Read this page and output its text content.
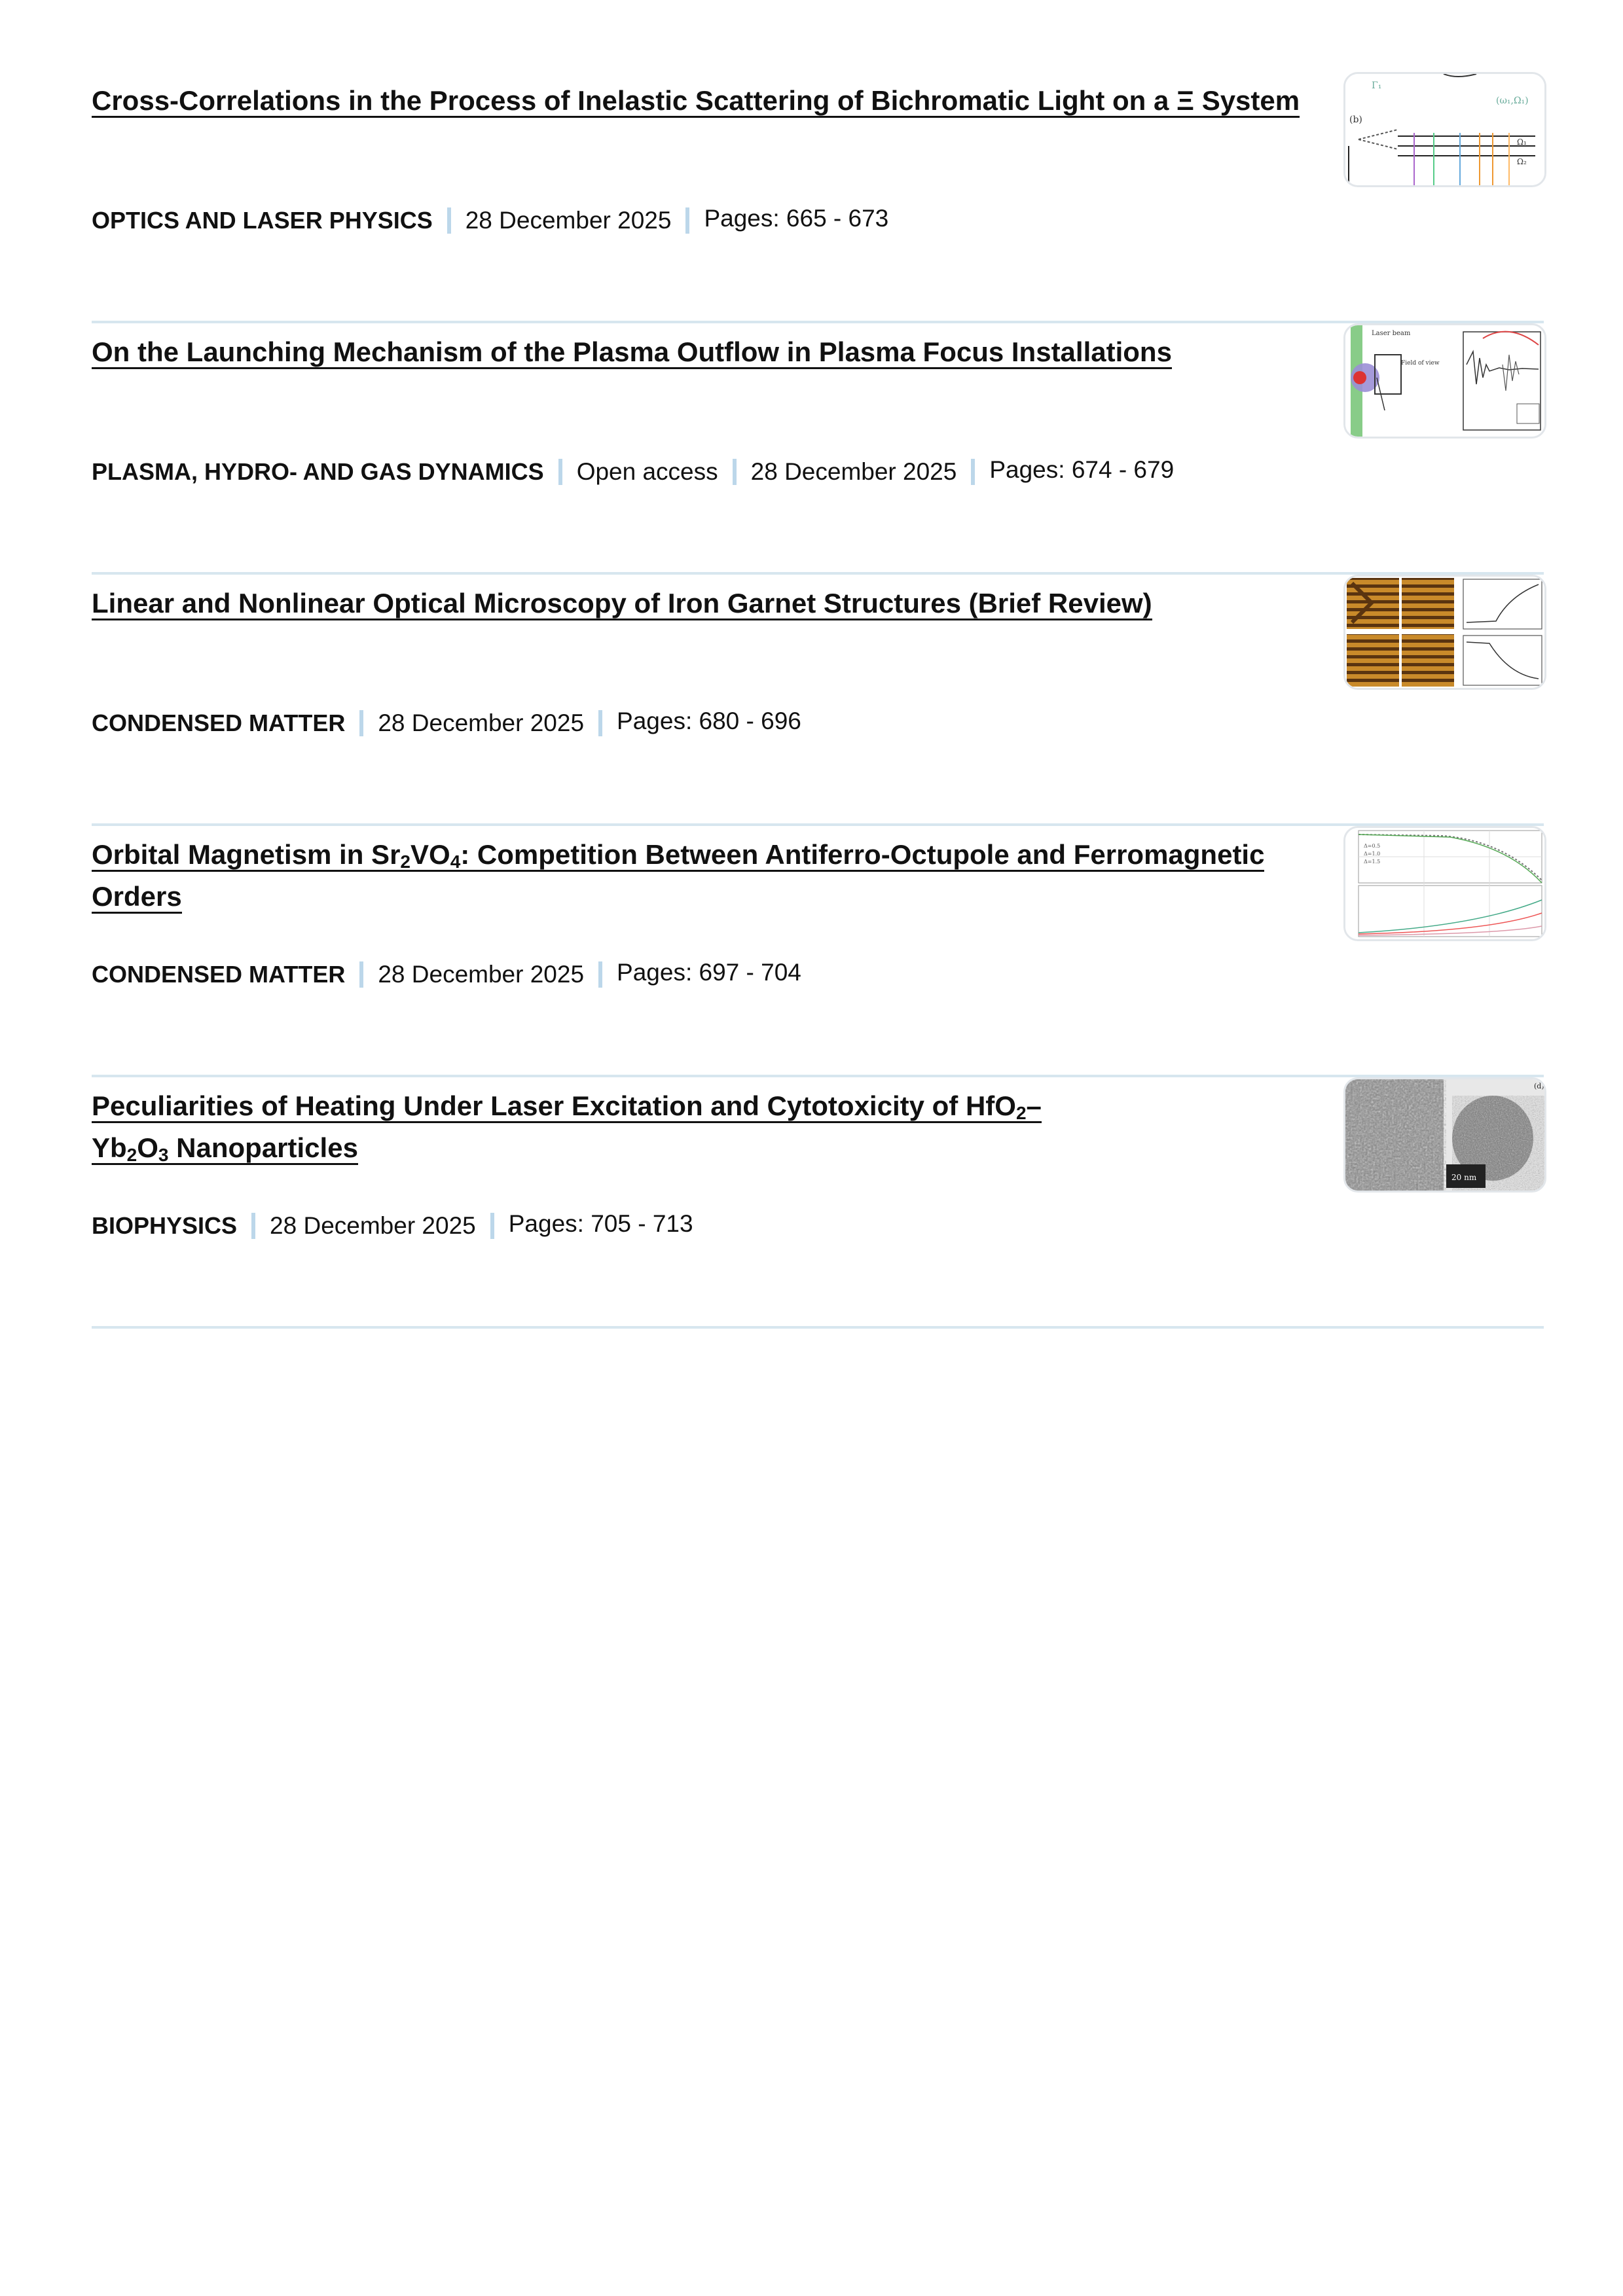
Cross-Correlations in the Process of Inelastic Scattering of Bichromatic Light on a Ξ System
OPTICS AND LASER PHYSICS 28 December 2025 Pages: 665 - 673
Γ₁
(ω₁,Ω₁)
(b)
Ω₁
Ω₂
On the Launching Mechanism of the Plasma Outflow in Plasma Focus Installations
PLASMA, HYDRO- AND GAS DYNAMICS Open access 28 December 2025 Pages: 674 - 679
Laser beam
Field of view
Linear and Nonlinear Optical Microscopy of Iron Garnet Structures (Brief Review)
CONDENSED MATTER 28 December 2025 Pages: 680 - 696
Orbital Magnetism in $Sr_2VO_4$: Competition Between Antiferro-Octupole and Ferromagnetic Orders
CONDENSED MATTER 28 December 2025 Pages: 697 - 704
Δ=0.5
Δ=1.0
Δ=1.5
Peculiarities of Heating Under Laser Excitation and Cytotoxicity of HfO$_2$–
$Yb_2O_3$ Nanoparticles
BIOPHYSICS 28 December 2025 Pages: 705 - 713
20 nm
(d)
